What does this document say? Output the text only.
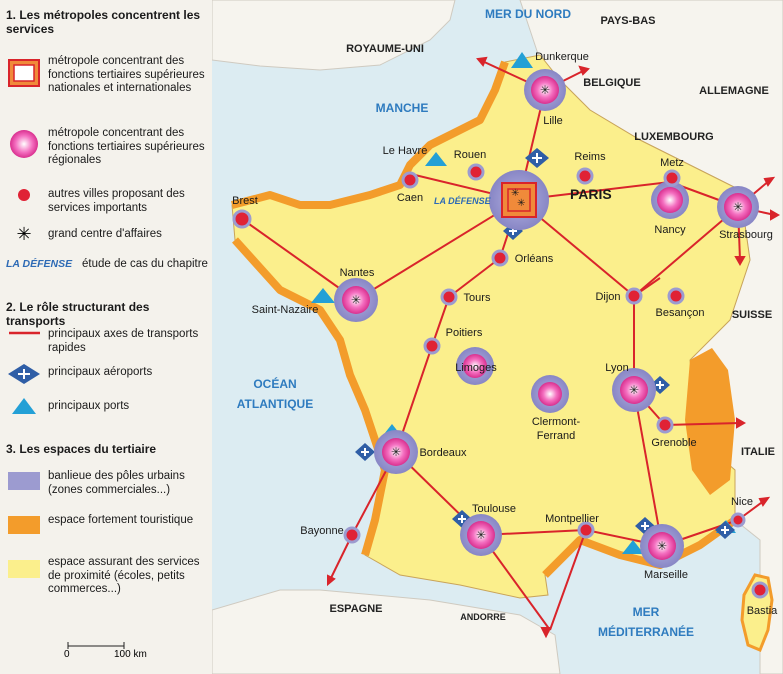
1. Les métropoles concentrent les services
métropole concentrant des fonctions tertiaires supérieures nationales et internationales
métropole concentrant des fonctions tertiaires supérieures régionales
autres villes proposant des services importants
✳	grand centre d'affaires
LA DÉFENSE étude de cas du chapitre
2. Le rôle structurant des transports
principaux axes de transports rapides
principaux aéroports
principaux ports
3. Les espaces du tertiaire
banlieue des pôles urbains (zones commerciales...)
espace fortement touristique
espace assurant des services de proximité (écoles, petits commerces...)
0	100 km
✳
✳
✳
✳
✳
✳
✳
✳
✳
MER DU NORD
MANCHE
OCÉAN
ATLANTIQUE
MER
MÉDITERRANÉE
PAYS-BAS
ROYAUME-UNI
BELGIQUE
ALLEMAGNE
LUXEMBOURG
SUISSE
ITALIE
ESPAGNE
ANDORRE
PARIS
LA DÉFENSE
Dunkerque
Lille
Le Havre Rouen
Caen
Reims	Metz
Nancy	Strasbourg
Brest
Nantes
Saint-Nazaire
Orléans
Tours	Dijon
Besançon
Poitiers
Limoges
Clermont-
Ferrand
Lyon
Grenoble
Bordeaux
Toulouse
Montpellier
Marseille
Nice
Bayonne
Bastia
